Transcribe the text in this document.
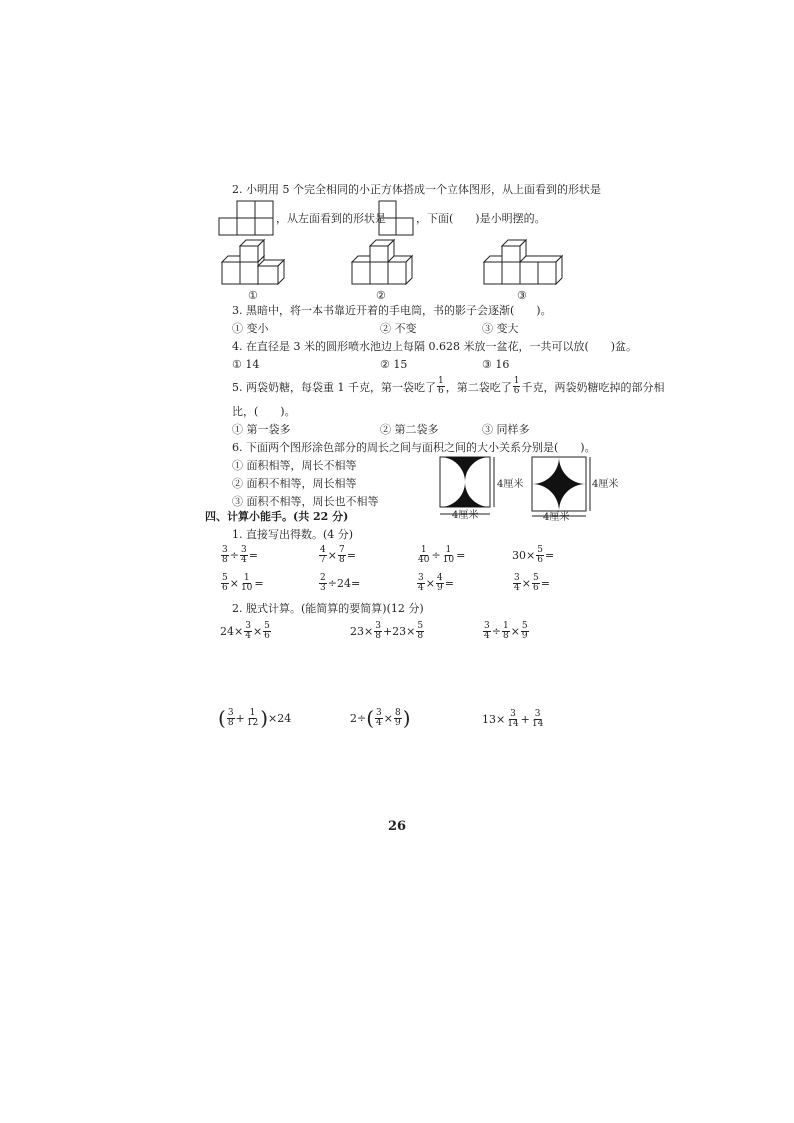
2. 小明用 5 个完全相同的小正方体搭成一个立体图形，从上面看到的形状是
，从左面看到的形状是	，下面(　　)是小明摆的。
①	②	③
3. 黑暗中，将一本书靠近开着的手电筒，书的影子会逐渐(　　)。
① 变小	② 不变	③ 变大
4. 在直径是 3 米的圆形喷水池边上每隔 0.628 米放一盆花，一共可以放(　　)盆。
① 14	② 15	③ 16
5. 两袋奶糖，每袋重 1 千克，第一袋吃了 $\frac{1}{6}$ ，第二袋吃了 $\frac{1}{6}$ 千克，两袋奶糖吃掉的部分相
比，(　　)。
① 第一袋多	② 第二袋多	③ 同样多
6. 下面两个图形涂色部分的周长之间与面积之间的大小关系分别是(　　)。
① 面积相等，周长不相等
② 面积不相等，周长相等
③ 面积不相等，周长也不相等
4厘米
4厘米
4厘米
4厘米
四、计算小能手。(共 22 分)
1. 直接写出得数。(4 分)
$\frac{3}{8} \div \frac{3}{4}$ =	$\frac{4}{7} \times \frac{7}{8}$ =	$\frac{1}{40} \div \frac{1}{10}$ =	$30\times \frac{5}{6}$ =
$\frac{5}{6} \times \frac{1}{10}$ =	$\frac{2}{3} \div 24=$	$\frac{3}{4} \times \frac{4}{9}$ =	$\frac{3}{4} \times \frac{5}{6}$ =
2. 脱式计算。(能简算的要简算)(12 分)
$24\times \frac{3}{4} \times \frac{5}{6}$	$23\times \frac{3}{8} +23\times \frac{5}{8}$	$\frac{3}{4} \div \frac{1}{8} \times \frac{5}{9}$
( $\frac{3}{8} + \frac{1}{12}$ ) ×24	2÷ ( $\frac{3}{4} \times \frac{8}{9}$ )	$13\times \frac{3}{14} + \frac{3}{14}$
26
